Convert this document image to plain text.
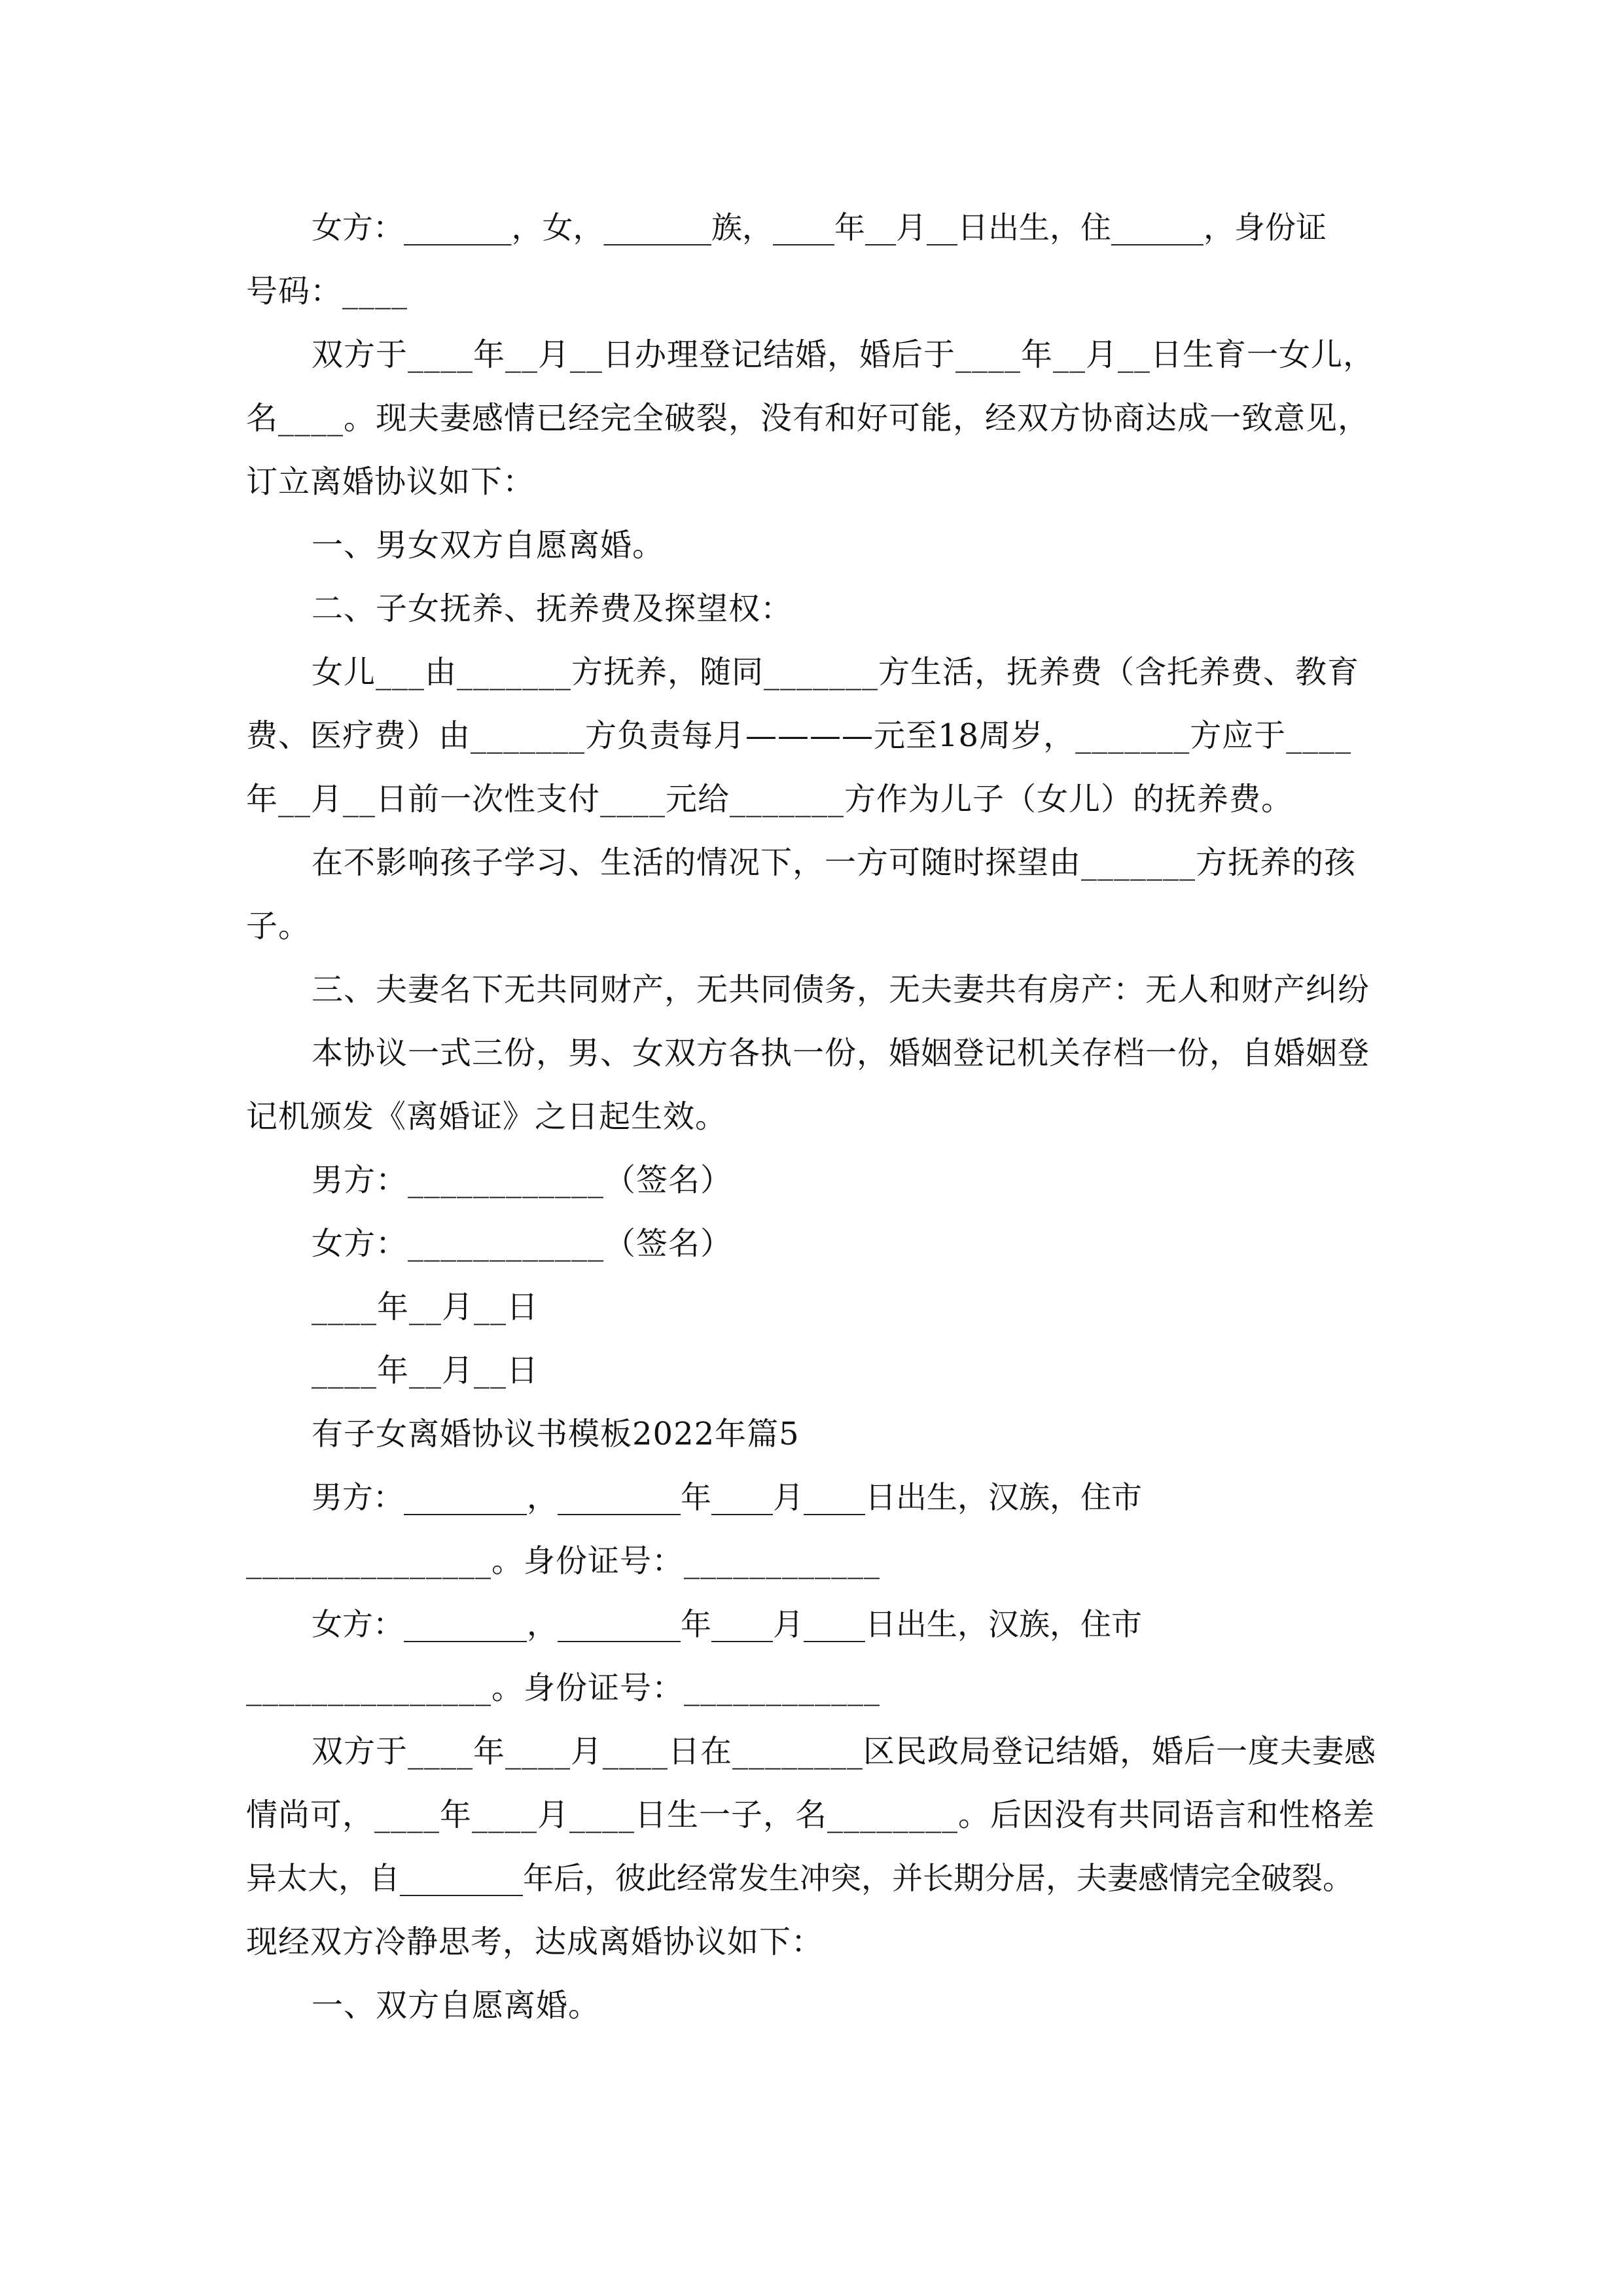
女方：_______，女，_______族，____年__月__日出生，住______，身份证
号码：____
双方于____年__月__日办理登记结婚，婚后于____年__月__日生育一女儿，
名____。现夫妻感情已经完全破裂，没有和好可能，经双方协商达成一致意见，
订立离婚协议如下：
一、男女双方自愿离婚。
二、子女抚养、抚养费及探望权：
女儿___由_______方抚养，随同_______方生活，抚养费（含托养费、教育
费、医疗费）由_______方负责每月————元至18周岁，_______方应于____
年__月__日前一次性支付____元给_______方作为儿子（女儿）的抚养费。
在不影响孩子学习、生活的情况下，一方可随时探望由_______方抚养的孩
子。
三、夫妻名下无共同财产，无共同债务，无夫妻共有房产：无人和财产纠纷
本协议一式三份，男、女双方各执一份，婚姻登记机关存档一份，自婚姻登
记机颁发《离婚证》之日起生效。
男方：____________（签名）
女方：____________（签名）
____年__月__日
____年__月__日
有子女离婚协议书模板2022年篇5
男方：________，________年____月____日出生，汉族，住市
_______________。身份证号：____________
女方：________，________年____月____日出生，汉族，住市
_______________。身份证号：____________
双方于____年____月____日在________区民政局登记结婚，婚后一度夫妻感
情尚可，____年____月____日生一子，名________。后因没有共同语言和性格差
异太大，自________年后，彼此经常发生冲突，并长期分居，夫妻感情完全破裂。
现经双方冷静思考，达成离婚协议如下：
一、双方自愿离婚。
